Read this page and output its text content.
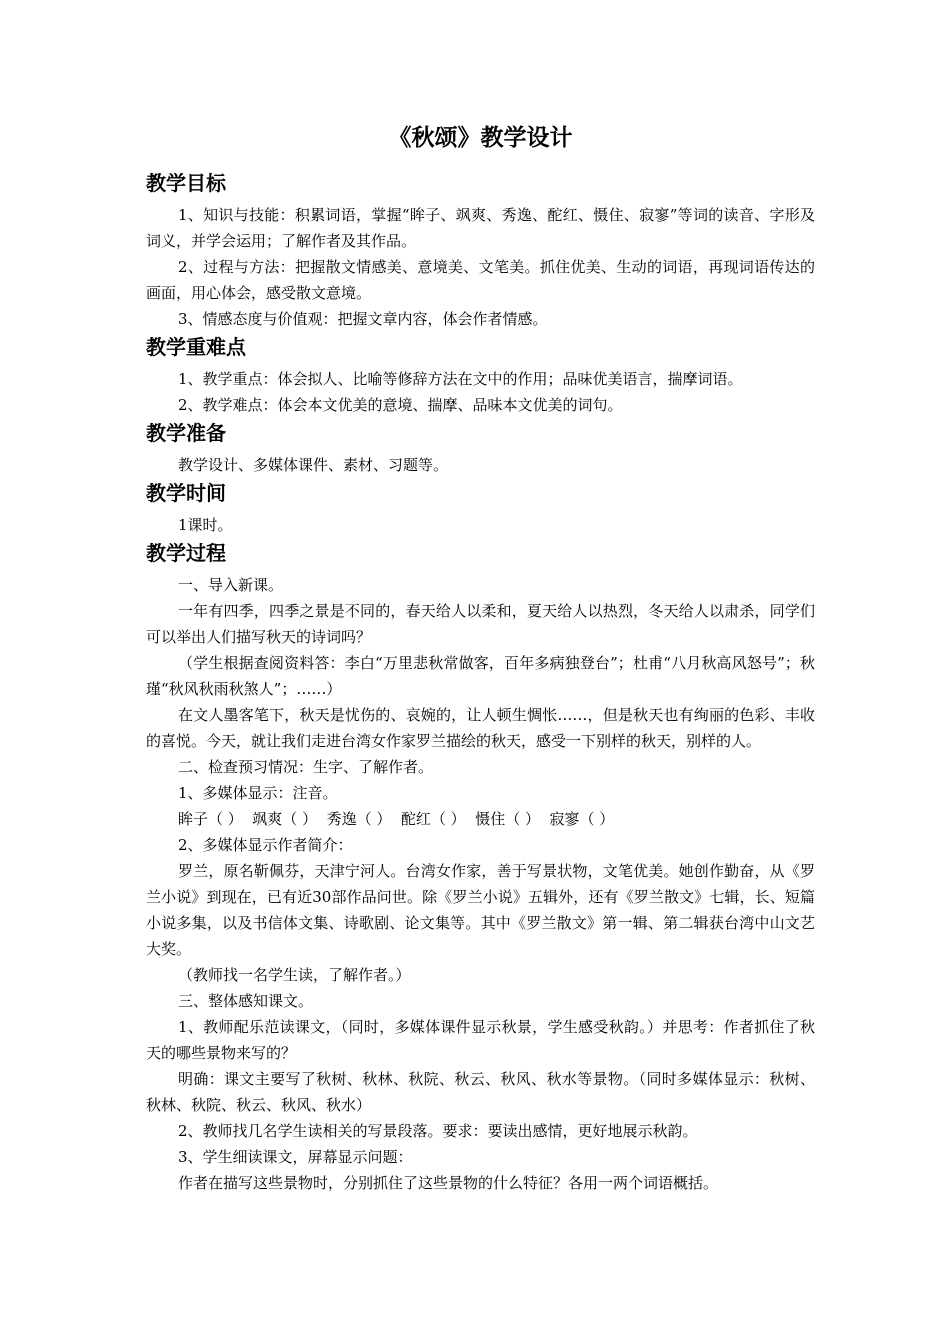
《秋颂》教学设计
教学目标
1、知识与技能：积累词语，掌握“眸子、飒爽、秀逸、酡红、慑住、寂寥”等词的读音、字形及词义，并学会运用；了解作者及其作品。
2、过程与方法：把握散文情感美、意境美、文笔美。抓住优美、生动的词语，再现词语传达的画面，用心体会，感受散文意境。
3、情感态度与价值观：把握文章内容，体会作者情感。
教学重难点
1、教学重点：体会拟人、比喻等修辞方法在文中的作用；品味优美语言，揣摩词语。
2、教学难点：体会本文优美的意境、揣摩、品味本文优美的词句。
教学准备
教学设计、多媒体课件、素材、习题等。
教学时间
1课时。
教学过程
一、导入新课。
一年有四季，四季之景是不同的，春天给人以柔和，夏天给人以热烈，冬天给人以肃杀，同学们可以举出人们描写秋天的诗词吗？
（学生根据查阅资料答：李白“万里悲秋常做客，百年多病独登台”；杜甫“八月秋高风怒号”；秋瑾“秋风秋雨秋煞人”；……）
在文人墨客笔下，秋天是忧伤的、哀婉的，让人顿生惆怅……，但是秋天也有绚丽的色彩、丰收的喜悦。今天，就让我们走进台湾女作家罗兰描绘的秋天，感受一下别样的秋天，别样的人。
二、检查预习情况：生字、了解作者。
1、多媒体显示：注音。
眸子（ ）  飒爽（ ）  秀逸（ ）  酡红（ ）  慑住（ ）  寂寥（ ）
2、多媒体显示作者简介：
罗兰，原名靳佩芬，天津宁河人。台湾女作家，善于写景状物，文笔优美。她创作勤奋，从《罗兰小说》到现在，已有近30部作品问世。除《罗兰小说》五辑外，还有《罗兰散文》七辑，长、短篇小说多集，以及书信体文集、诗歌剧、论文集等。其中《罗兰散文》第一辑、第二辑获台湾中山文艺大奖。
（教师找一名学生读，了解作者。）
三、整体感知课文。
1、教师配乐范读课文，（同时，多媒体课件显示秋景，学生感受秋韵。）并思考：作者抓住了秋天的哪些景物来写的？
明确：课文主要写了秋树、秋林、秋院、秋云、秋风、秋水等景物。（同时多媒体显示：秋树、秋林、秋院、秋云、秋风、秋水）
2、教师找几名学生读相关的写景段落。要求：要读出感情，更好地展示秋韵。
3、学生细读课文，屏幕显示问题：
作者在描写这些景物时，分别抓住了这些景物的什么特征？各用一两个词语概括。
